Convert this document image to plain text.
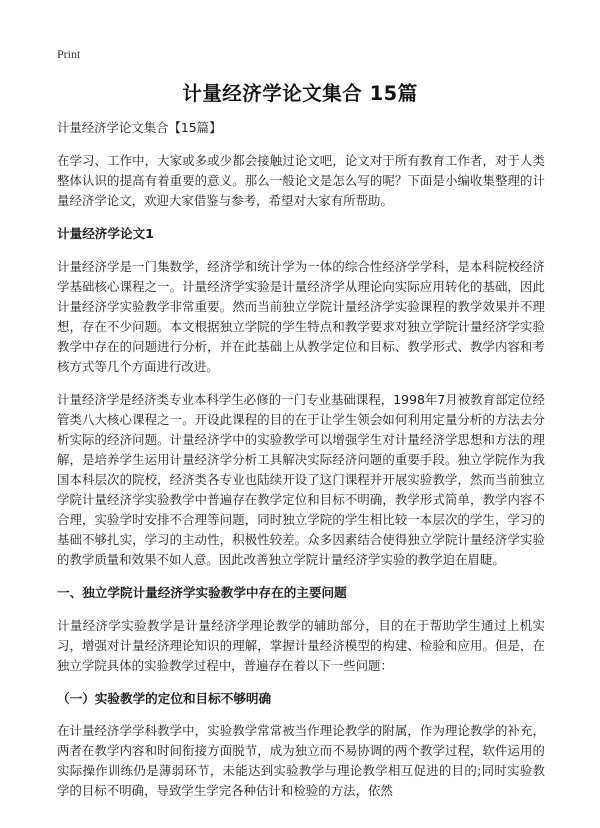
Print
计量经济学论文集合 15篇
计量经济学论文集合【15篇】

在学习、工作中，大家或多或少都会接触过论文吧，论文对于所有教育工作者，对于人类整体认识的提高有着重要的意义。那么一般论文是怎么写的呢？下面是小编收集整理的计量经济学论文，欢迎大家借鉴与参考，希望对大家有所帮助。

计量经济学论文1

计量经济学是一门集数学，经济学和统计学为一体的综合性经济学学科，是本科院校经济学基础核心课程之一。计量经济学实验是计量经济学从理论向实际应用转化的基础，因此计量经济学实验教学非常重要。然而当前独立学院计量经济学实验课程的教学效果并不理想，存在不少问题。本文根据独立学院的学生特点和教学要求对独立学院计量经济学实验教学中存在的问题进行分析，并在此基础上从教学定位和目标、教学形式、教学内容和考核方式等几个方面进行改进。

计量经济学是经济类专业本科学生必修的一门专业基础课程，1998年7月被教育部定位经管类八大核心课程之一。开设此课程的目的在于让学生领会如何利用定量分析的方法去分析实际的经济问题。计量经济学中的实验教学可以增强学生对计量经济学思想和方法的理解，是培养学生运用计量经济学分析工具解决实际经济问题的重要手段。独立学院作为我国本科层次的院校，经济类各专业也陆续开设了这门课程并开展实验教学，然而当前独立学院计量经济学实验教学中普遍存在教学定位和目标不明确，教学形式简单，教学内容不合理，实验学时安排不合理等问题，同时独立学院的学生相比较一本层次的学生，学习的基础不够扎实，学习的主动性，积极性较差。众多因素结合使得独立学院计量经济学实验的教学质量和效果不如人意。因此改善独立学院计量经济学实验的教学迫在眉睫。

一、独立学院计量经济学实验教学中存在的主要问题

计量经济学实验教学是计量经济学理论教学的辅助部分，目的在于帮助学生通过上机实习，增强对计量经济理论知识的理解，掌握计量经济模型的构建、检验和应用。但是，在独立学院具体的实验教学过程中，普遍存在着以下一些问题：

（一）实验教学的定位和目标不够明确

在计量经济学学科教学中，实验教学常常被当作理论教学的附属，作为理论教学的补充，两者在教学内容和时间衔接方面脱节，成为独立而不易协调的两个教学过程，软件运用的实际操作训练仍是薄弱环节，未能达到实验教学与理论教学相互促进的目的;同时实验教学的目标不明确，导致学生学完各种估计和检验的方法，依然
